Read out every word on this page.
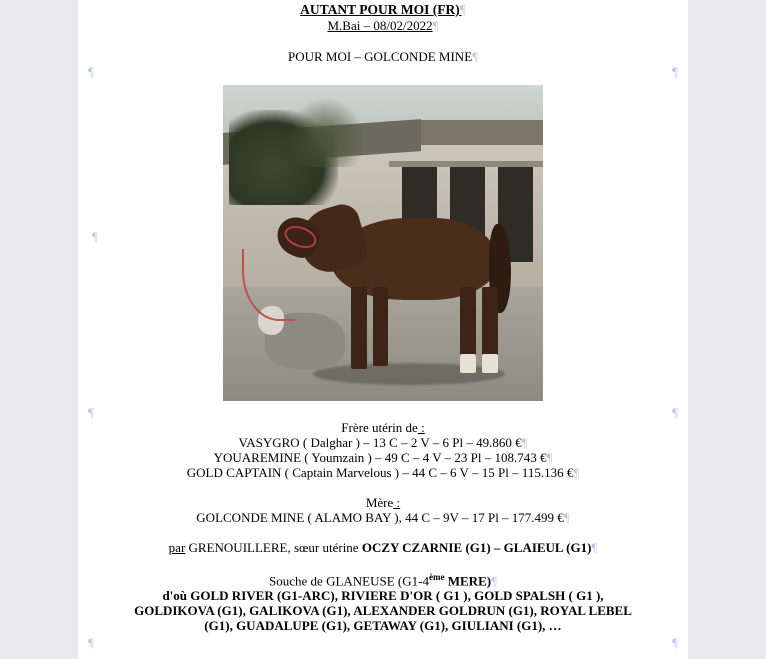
AUTANT POUR MOI (FR)¶
M.Bai – 08/02/2022¶
POUR MOI – GOLCONDE MINE¶
¶	¶
¶
¶	¶
Frère utérin de :
VASYGRO ( Dalghar ) – 13 C – 2 V – 6 Pl – 49.860 €¶
YOUAREMINE ( Youmzain ) – 49 C – 4 V – 23 Pl – 108.743 €¶
GOLD CAPTAIN ( Captain Marvelous ) – 44 C – 6 V – 15 Pl – 115.136 €¶
Mère :
GOLCONDE MINE ( ALAMO BAY ), 44 C – 9V – 17 Pl – 177.499 €¶
par GRENOUILLERE, sœur utérine OCZY CZARNIE (G1) – GLAIEUL (G1)¶
Souche de GLANEUSE (G1-4ème MERE)¶
d'où GOLD RIVER (G1-ARC), RIVIERE D'OR ( G1 ), GOLD SPALSH ( G1 ),
GOLDIKOVA (G1), GALIKOVA (G1), ALEXANDER GOLDRUN (G1), ROYAL LEBEL
(G1), GUADALUPE (G1), GETAWAY (G1), GIULIANI (G1), …
¶	¶
